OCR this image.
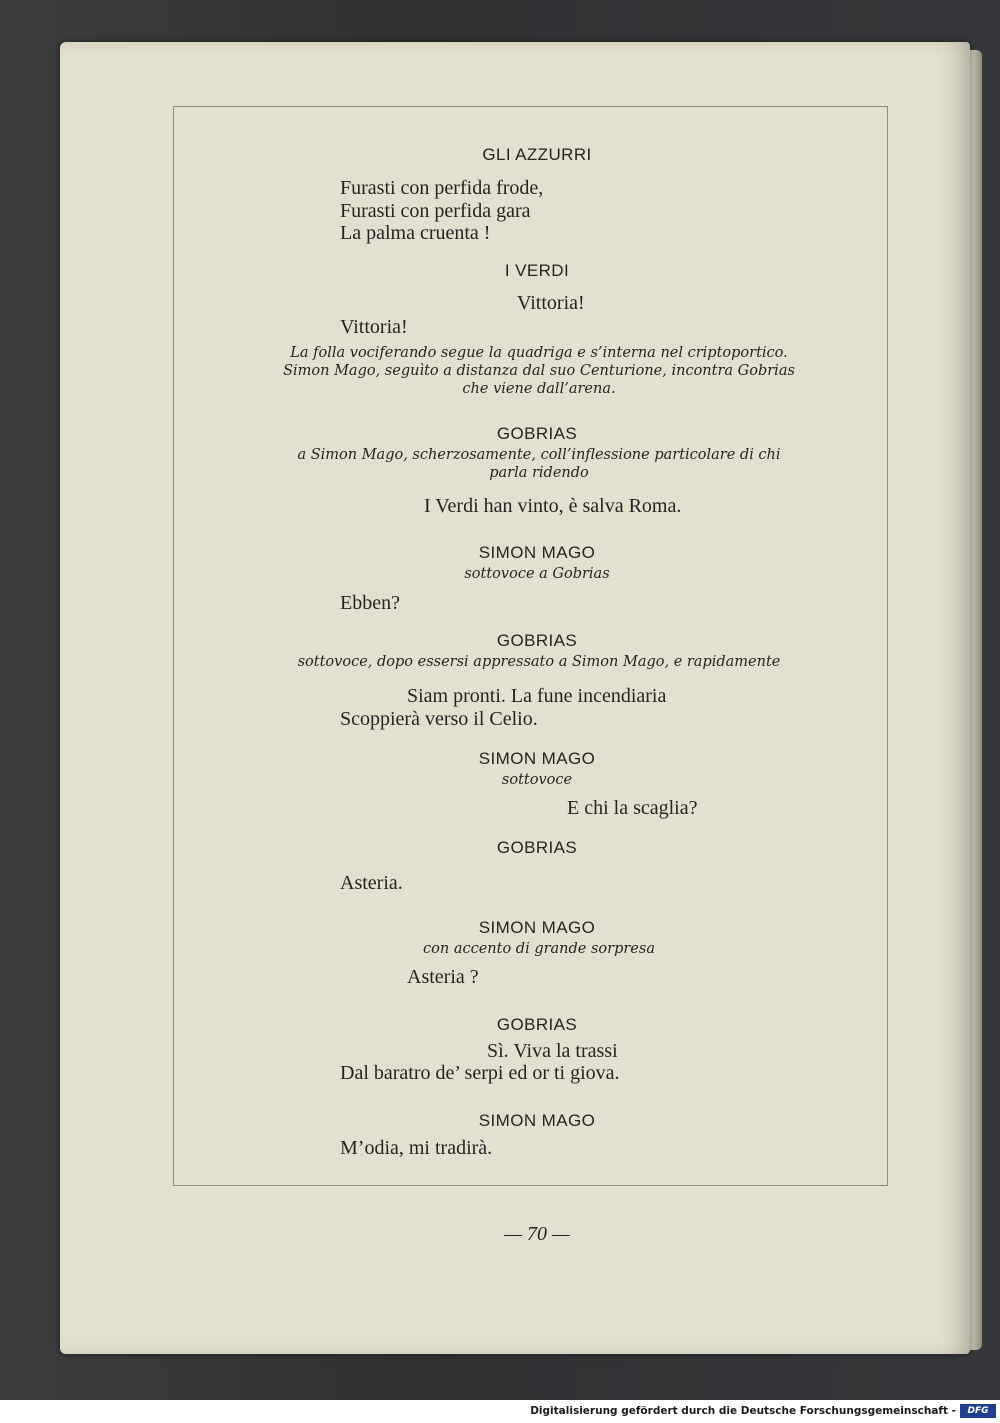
GLI AZZURRI
Furasti con perfida frode,
Furasti con perfida gara
La palma cruenta !
I VERDI
Vittoria!
Vittoria!
La folla vociferando segue la quadriga e s’interna nel criptoportico.
Simon Mago, seguìto a distanza dal suo Centurione, incontra Gobrias
che viene dall’arena.
GOBRIAS
a Simon Mago, scherzosamente, coll’inflessione particolare di chi
parla ridendo
I Verdi han vinto, è salva Roma.
SIMON MAGO
sottovoce a Gobrias
Ebben?
GOBRIAS
sottovoce, dopo essersi appressato a Simon Mago, e rapidamente
Siam pronti. La fune incendiaria
Scoppierà verso il Celio.
SIMON MAGO
sottovoce
E chi la scaglia?
GOBRIAS
Asteria.
SIMON MAGO
con accento di grande sorpresa
Asteria ?
GOBRIAS
Sì. Viva la trassi
Dal baratro de’ serpi ed or ti giova.
SIMON MAGO
M’odia, mi tradirà.
— 70 —
Digitalisierung gefördert durch die Deutsche Forschungsgemeinschaft -	DFG
